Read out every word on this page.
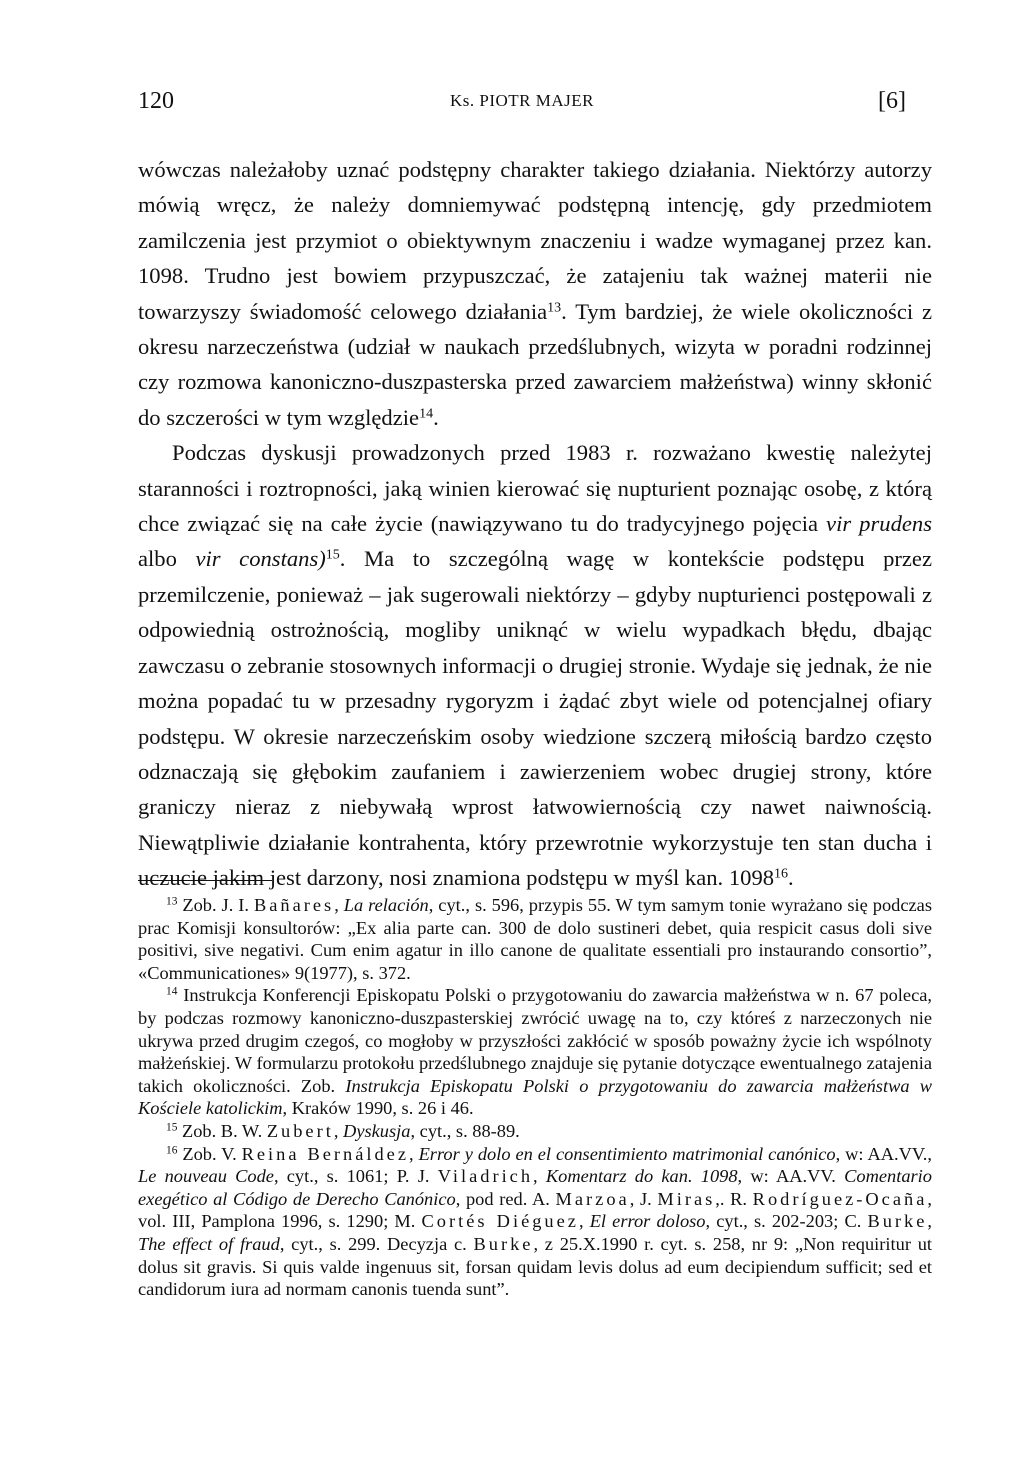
120	Ks. PIOTR MAJER	[6]

wówczas należałoby uznać podstępny charakter takiego działania. Niektórzy autorzy mówią wręcz, że należy domniemywać podstępną intencję, gdy przedmiotem zamilczenia jest przymiot o obiektywnym znaczeniu i wadze wymaganej przez kan. 1098. Trudno jest bowiem przypuszczać, że zatajeniu tak ważnej materii nie towarzyszy świadomość celowego działania$^{13}$. Tym bardziej, że wiele okoliczności z okresu narzeczeństwa (udział w naukach przedślubnych, wizyta w poradni rodzinnej czy rozmowa kanoniczno-duszpasterska przed zawarciem małżeństwa) winny skłonić do szczerości w tym względzie$^{14}$.

Podczas dyskusji prowadzonych przed 1983 r. rozważano kwestię należytej staranności i roztropności, jaką winien kierować się nupturient poznając osobę, z którą chce związać się na całe życie (nawiązywano tu do tradycyjnego pojęcia vir prudens albo vir constans)$^{15}$. Ma to szczególną wagę w kontekście podstępu przez przemilczenie, ponieważ – jak sugerowali niektórzy – gdyby nupturienci postępowali z odpowiednią ostrożnością, mogliby uniknąć w wielu wypadkach błędu, dbając zawczasu o zebranie stosownych informacji o drugiej stronie. Wydaje się jednak, że nie można popadać tu w przesadny rygoryzm i żądać zbyt wiele od potencjalnej ofiary podstępu. W okresie narzeczeńskim osoby wiedzione szczerą miłością bardzo często odznaczają się głębokim zaufaniem i zawierzeniem wobec drugiej strony, które graniczy nieraz z niebywałą wprost łatwowiernością czy nawet naiwnością. Niewątpliwie działanie kontrahenta, który przewrotnie wykorzystuje ten stan ducha i uczucie jakim jest darzony, nosi znamiona podstępu w myśl kan. 1098$^{16}$.

$^{13}$ Zob. J. I. Bañares, La relación, cyt., s. 596, przypis 55. W tym samym tonie wyrażano się podczas prac Komisji konsultorów: „Ex alia parte can. 300 de dolo sustineri debet, quia respicit casus doli sive positivi, sive negativi. Cum enim agatur in illo canone de qualitate essentiali pro instaurando consortio”, «Communicationes» 9(1977), s. 372.

$^{14}$ Instrukcja Konferencji Episkopatu Polski o przygotowaniu do zawarcia małżeństwa w n. 67 poleca, by podczas rozmowy kanoniczno-duszpasterskiej zwrócić uwagę na to, czy któreś z narzeczonych nie ukrywa przed drugim czegoś, co mogłoby w przyszłości zakłócić w sposób poważny życie ich wspólnoty małżeńskiej. W formularzu protokołu przedślubnego znajduje się pytanie dotyczące ewentualnego zatajenia takich okoliczności. Zob. Instrukcja Episkopatu Polski o przygotowaniu do zawarcia małżeństwa w Kościele katolickim, Kraków 1990, s. 26 i 46.

$^{15}$ Zob. B. W. Zubert, Dyskusja, cyt., s. 88-89.

$^{16}$ Zob. V. Reina Bernáldez, Error y dolo en el consentimiento matrimonial canónico, w: AA.VV., Le nouveau Code, cyt., s. 1061; P. J. Viladrich, Komentarz do kan. 1098, w: AA.VV. Comentario exegético al Código de Derecho Canónico, pod red. A. Marzoa, J. Miras,. R. Rodríguez-Ocaña, vol. III, Pamplona 1996, s. 1290; M. Cortés Diéguez, El error doloso, cyt., s. 202-203; C. Burke, The effect of fraud, cyt., s. 299. Decyzja c. Burke, z 25.X.1990 r. cyt. s. 258, nr 9: „Non requiritur ut dolus sit gravis. Si quis valde ingenuus sit, forsan quidam levis dolus ad eum decipiendum sufficit; sed et candidorum iura ad normam canonis tuenda sunt”.
